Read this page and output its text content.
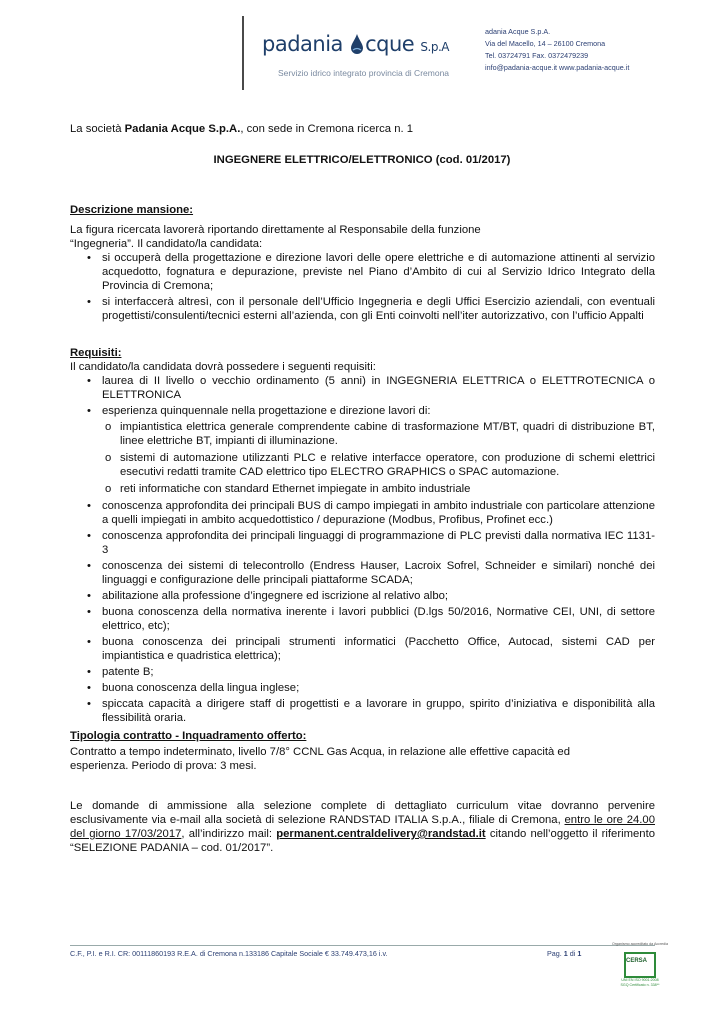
padania cque S.p.A
Servizio idrico integrato provincia di Cremona
adania Acque S.p.A.
Via del Macello, 14 – 26100 Cremona
Tel. 03724791 Fax. 0372479239
info@padania-acque.it www.padania-acque.it
La società Padania Acque S.p.A., con sede in Cremona ricerca n. 1
INGEGNERE ELETTRICO/ELETTRONICO (cod. 01/2017)
Descrizione mansione:
La figura ricercata lavorerà riportando direttamente al Responsabile della funzione
“Ingegneria”. Il candidato/la candidata:
• si occuperà della progettazione e direzione lavori delle opere elettriche e di automazione attinenti al servizio acquedotto, fognatura e depurazione, previste nel Piano d’Ambito di cui al Servizio Idrico Integrato della Provincia di Cremona;
• si interfaccerà altresì, con il personale dell’Ufficio Ingegneria e degli Uffici Esercizio aziendali, con eventuali progettisti/consulenti/tecnici esterni all’azienda, con gli Enti coinvolti nell’iter autorizzativo, con l’ufficio Appalti
Requisiti:
Il candidato/la candidata dovrà possedere i seguenti requisiti:
• laurea di II livello o vecchio ordinamento (5 anni) in INGEGNERIA ELETTRICA o ELETTROTECNICA o ELETTRONICA
• esperienza quinquennale nella progettazione e direzione lavori di:
o impiantistica elettrica generale comprendente cabine di trasformazione MT/BT, quadri di distribuzione BT, linee elettriche BT, impianti di illuminazione.
o sistemi di automazione utilizzanti PLC e relative interfacce operatore, con produzione di schemi elettrici esecutivi redatti tramite CAD elettrico tipo ELECTRO GRAPHICS o SPAC automazione.
o reti informatiche con standard Ethernet impiegate in ambito industriale
• conoscenza approfondita dei principali BUS di campo impiegati in ambito industriale con particolare attenzione a quelli impiegati in ambito acquedottistico / depurazione (Modbus, Profibus, Profinet ecc.)
• conoscenza approfondita dei principali linguaggi di programmazione di PLC previsti dalla normativa IEC 1131-3
• conoscenza dei sistemi di telecontrollo (Endress Hauser, Lacroix Sofrel, Schneider e similari) nonché dei linguaggi e configurazione delle principali piattaforme SCADA;
• abilitazione alla professione d’ingegnere ed iscrizione al relativo albo;
• buona conoscenza della normativa inerente i lavori pubblici (D.lgs 50/2016, Normative CEI, UNI, di settore elettrico, etc);
• buona conoscenza dei principali strumenti informatici (Pacchetto Office, Autocad, sistemi CAD per impiantistica e quadristica elettrica);
• patente B;
• buona conoscenza della lingua inglese;
• spiccata capacità a dirigere staff di progettisti e a lavorare in gruppo, spirito d’iniziativa e disponibilità alla flessibilità oraria.
Tipologia contratto - Inquadramento offerto:
Contratto a tempo indeterminato, livello 7/8° CCNL Gas Acqua, in relazione alle effettive capacità ed
esperienza. Periodo di prova: 3 mesi.
Le domande di ammissione alla selezione complete di dettagliato curriculum vitae dovranno pervenire esclusivamente via e-mail alla società di selezione RANDSTAD ITALIA S.p.A., filiale di Cremona, entro le ore 24.00 del giorno 17/03/2017, all’indirizzo mail: permanent.centraldelivery@randstad.it citando nell’oggetto il riferimento “SELEZIONE PADANIA – cod. 01/2017”.
C.F., P.I. e R.I. CR: 00111860193 R.E.A. di Cremona n.133186 Capitale Sociale € 33.749.473,16 i.v.	Pag. 1 di 1
Organismo accreditato da Accredia
CERSA
UNI EN ISO 9001:2008
SGQ Certificato n. 338**
